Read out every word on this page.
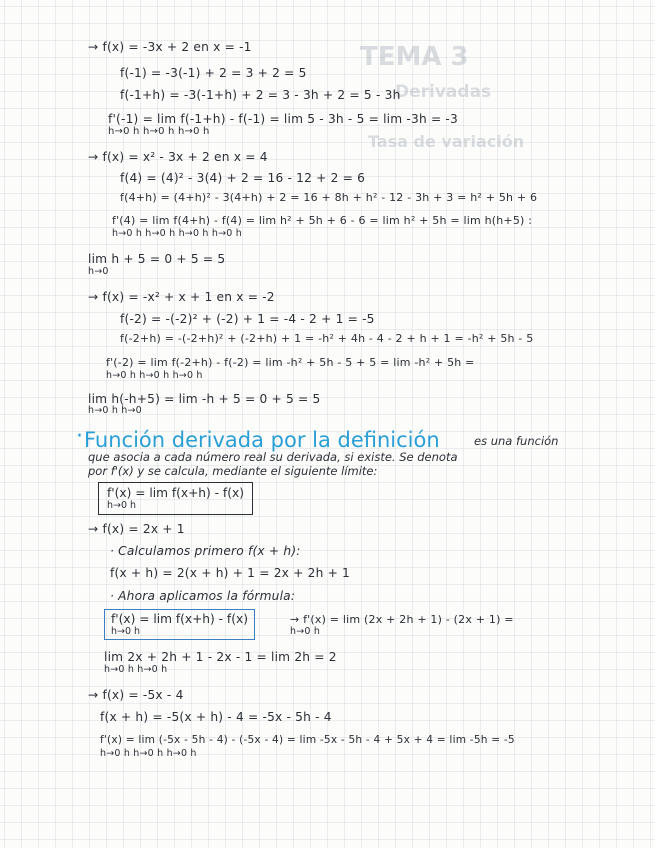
TEMA 3
Derivadas
Tasa de variación
→ f(x) = -3x + 2 en x = -1
f(-1) = -3(-1) + 2 = 3 + 2 = 5
f(-1+h) = -3(-1+h) + 2 = 3 - 3h + 2 = 5 - 3h
f'(-1) = lim f(-1+h) - f(-1) = lim 5 - 3h - 5 = lim -3h = -3
h→0 h h→0 h h→0 h
→ f(x) = x² - 3x + 2 en x = 4
f(4) = (4)² - 3(4) + 2 = 16 - 12 + 2 = 6
f(4+h) = (4+h)² - 3(4+h) + 2 = 16 + 8h + h² - 12 - 3h + 3 = h² + 5h + 6
f'(4) = lim f(4+h) - f(4) = lim h² + 5h + 6 - 6 = lim h² + 5h = lim h(h+5) :
h→0 h h→0 h h→0 h h→0 h
lim h + 5 = 0 + 5 = 5
h→0
→ f(x) = -x² + x + 1 en x = -2
f(-2) = -(-2)² + (-2) + 1 = -4 - 2 + 1 = -5
f(-2+h) = -(-2+h)² + (-2+h) + 1 = -h² + 4h - 4 - 2 + h + 1 = -h² + 5h - 5
f'(-2) = lim f(-2+h) - f(-2) = lim -h² + 5h - 5 + 5 = lim -h² + 5h =
h→0 h h→0 h h→0 h
lim h(-h+5) = lim -h + 5 = 0 + 5 = 5
h→0 h h→0
· Función derivada por la definición	es una función
que asocia a cada número real su derivada, si existe. Se denota
por f'(x) y se calcula, mediante el siguiente límite:
f'(x) = lim f(x+h) - f(x)
h→0 h
→ f(x) = 2x + 1
· Calculamos primero f(x + h):
f(x + h) = 2(x + h) + 1 = 2x + 2h + 1
· Ahora aplicamos la fórmula:
f'(x) = lim f(x+h) - f(x)
h→0 h
→ f'(x) = lim (2x + 2h + 1) - (2x + 1) =
h→0 h
lim 2x + 2h + 1 - 2x - 1 = lim 2h = 2
h→0 h h→0 h
→ f(x) = -5x - 4
f(x + h) = -5(x + h) - 4 = -5x - 5h - 4
f'(x) = lim (-5x - 5h - 4) - (-5x - 4) = lim -5x - 5h - 4 + 5x + 4 = lim -5h = -5
h→0 h h→0 h h→0 h
